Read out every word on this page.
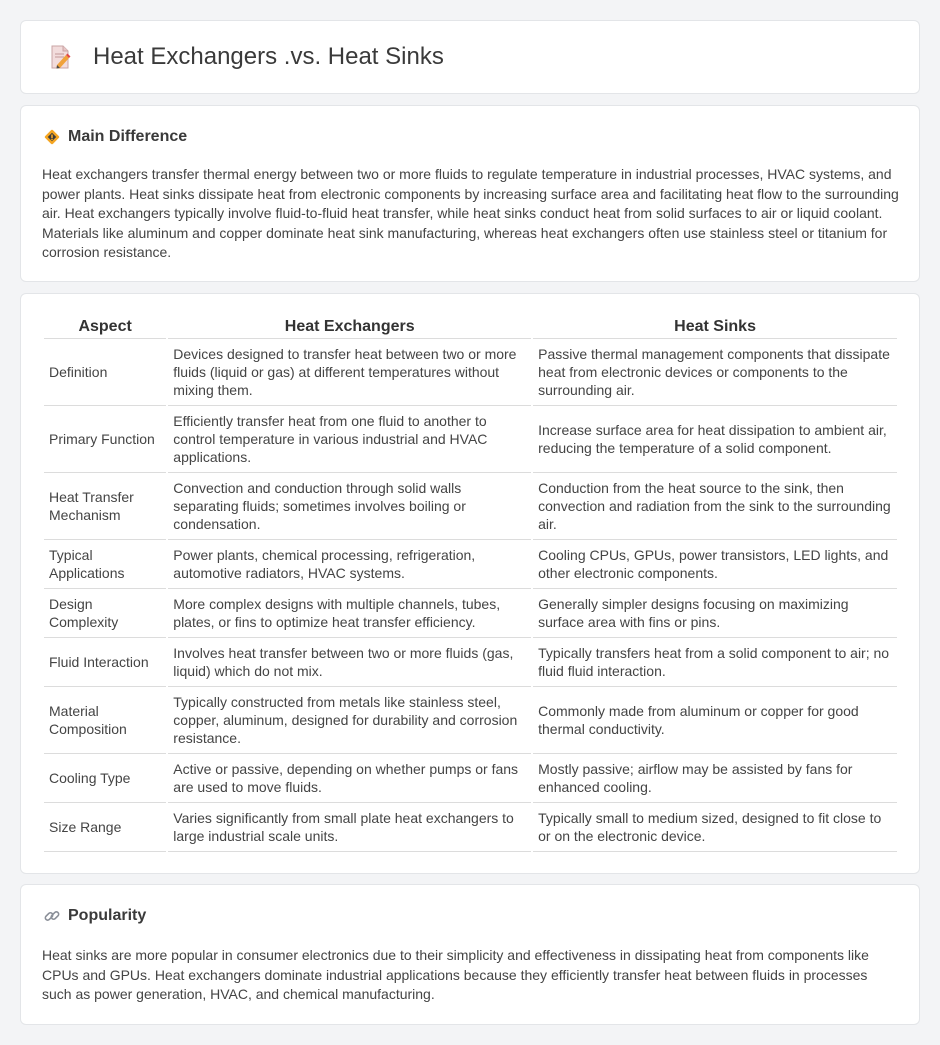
Heat Exchangers .vs. Heat Sinks
Main Difference

Heat exchangers transfer thermal energy between two or more fluids to regulate temperature in industrial processes, HVAC systems, and power plants. Heat sinks dissipate heat from electronic components by increasing surface area and facilitating heat flow to the surrounding air. Heat exchangers typically involve fluid-to-fluid heat transfer, while heat sinks conduct heat from solid surfaces to air or liquid coolant. Materials like aluminum and copper dominate heat sink manufacturing, whereas heat exchangers often use stainless steel or titanium for corrosion resistance.

Aspect	Heat Exchangers	Heat Sinks
Definition	Devices designed to transfer heat between two or more fluids (liquid or gas) at different temperatures without mixing them.	Passive thermal management components that dissipate heat from electronic devices or components to the surrounding air.
Primary Function	Efficiently transfer heat from one fluid to another to control temperature in various industrial and HVAC applications.	Increase surface area for heat dissipation to ambient air, reducing the temperature of a solid component.
Heat Transfer Mechanism	Convection and conduction through solid walls separating fluids; sometimes involves boiling or condensation.	Conduction from the heat source to the sink, then convection and radiation from the sink to the surrounding air.
Typical Applications	Power plants, chemical processing, refrigeration, automotive radiators, HVAC systems.	Cooling CPUs, GPUs, power transistors, LED lights, and other electronic components.
Design Complexity	More complex designs with multiple channels, tubes, plates, or fins to optimize heat transfer efficiency.	Generally simpler designs focusing on maximizing surface area with fins or pins.
Fluid Interaction	Involves heat transfer between two or more fluids (gas, liquid) which do not mix.	Typically transfers heat from a solid component to air; no fluid fluid interaction.
Material Composition	Typically constructed from metals like stainless steel, copper, aluminum, designed for durability and corrosion resistance.	Commonly made from aluminum or copper for good thermal conductivity.
Cooling Type	Active or passive, depending on whether pumps or fans are used to move fluids.	Mostly passive; airflow may be assisted by fans for enhanced cooling.
Size Range	Varies significantly from small plate heat exchangers to large industrial scale units.	Typically small to medium sized, designed to fit close to or on the electronic device.
Popularity

Heat sinks are more popular in consumer electronics due to their simplicity and effectiveness in dissipating heat from components like CPUs and GPUs. Heat exchangers dominate industrial applications because they efficiently transfer heat between fluids in processes such as power generation, HVAC, and chemical manufacturing.
